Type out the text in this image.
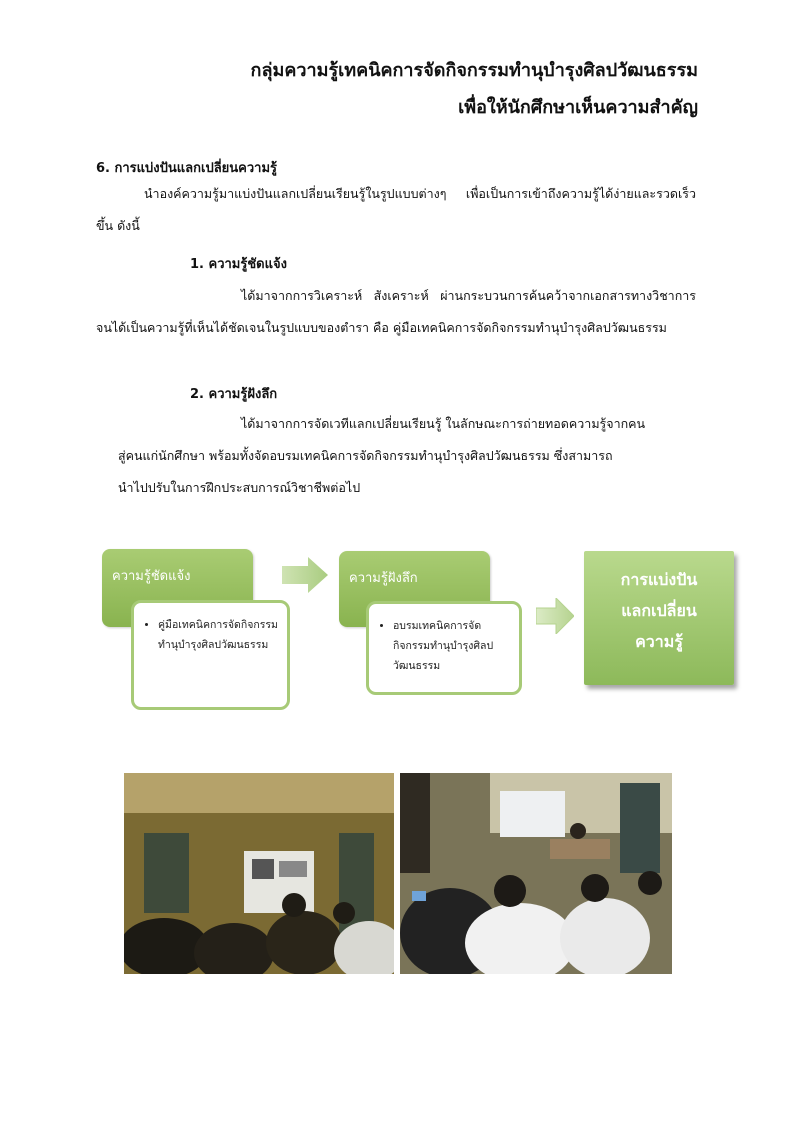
กลุ่มความรู้เทคนิคการจัดกิจกรรมทำนุบำรุงศิลปวัฒนธรรม
เพื่อให้นักศึกษาเห็นความสำคัญ
6. การแบ่งปันแลกเปลี่ยนความรู้
นำองค์ความรู้มาแบ่งปันแลกเปลี่ยนเรียนรู้ในรูปแบบต่างๆ เพื่อเป็นการเข้าถึงความรู้ได้ง่ายและรวดเร็วขึ้น ดังนี้
1. ความรู้ชัดแจ้ง
ได้มาจากการวิเคราะห์ สังเคราะห์ ผ่านกระบวนการค้นคว้าจากเอกสารทางวิชาการ จนได้เป็นความรู้ที่เห็นได้ชัดเจนในรูปแบบของตำรา คือ คู่มือเทคนิคการจัดกิจกรรมทำนุบำรุงศิลปวัฒนธรรม
2. ความรู้ฝังลึก
ได้มาจากการจัดเวทีแลกเปลี่ยนเรียนรู้ ในลักษณะการถ่ายทอดความรู้จากคน
สู่คนแก่นักศึกษา พร้อมทั้งจัดอบรมเทคนิคการจัดกิจกรรมทำนุบำรุงศิลปวัฒนธรรม ซึ่งสามารถ
นำไปปรับในการฝึกประสบการณ์วิชาชีพต่อไป
ความรู้ชัดแจ้ง
• คู่มือเทคนิคการจัดกิจกรรมทำนุบำรุงศิลปวัฒนธรรม
ความรู้ฝังลึก
• อบรมเทคนิคการจัดกิจกรรมทำนุบำรุงศิลปวัฒนธรรม
การแบ่งปัน
แลกเปลี่ยน
ความรู้
